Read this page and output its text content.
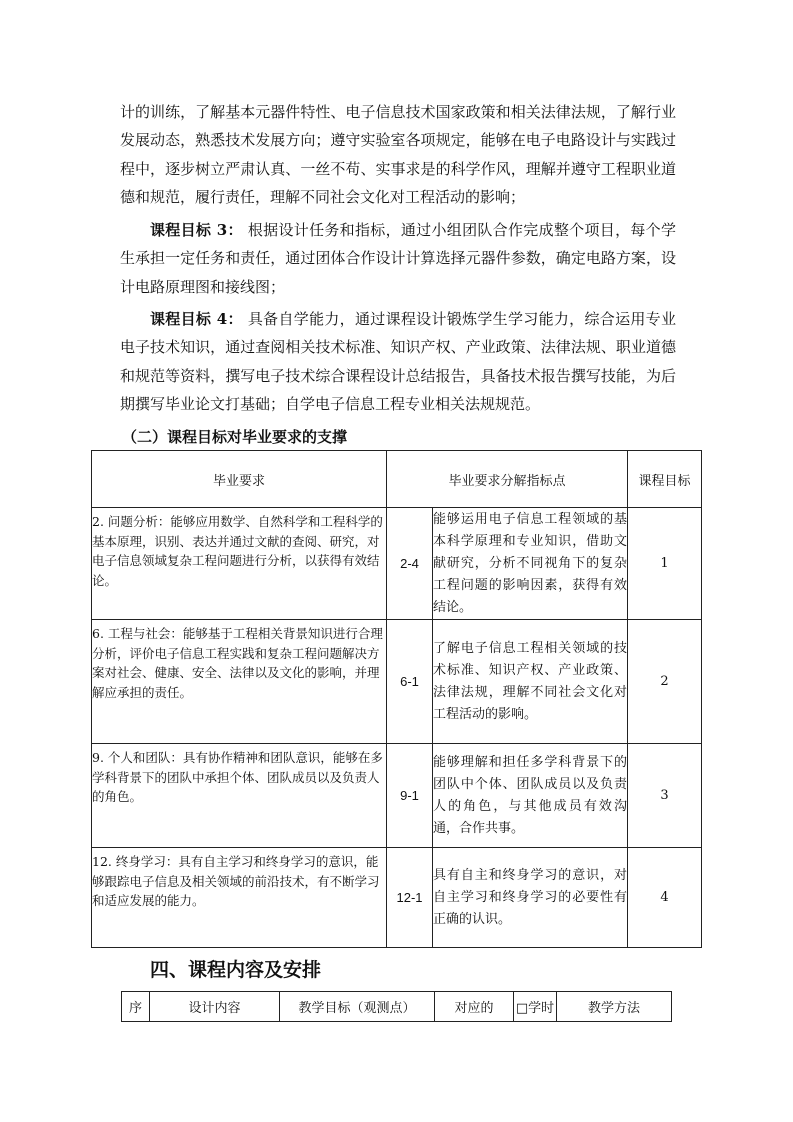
计的训练，了解基本元器件特性、电子信息技术国家政策和相关法律法规，了解行业发展动态，熟悉技术发展方向；遵守实验室各项规定，能够在电子电路设计与实践过程中，逐步树立严肃认真、一丝不苟、实事求是的科学作风，理解并遵守工程职业道德和规范，履行责任，理解不同社会文化对工程活动的影响；
课程目标 3： 根据设计任务和指标，通过小组团队合作完成整个项目，每个学生承担一定任务和责任，通过团体合作设计计算选择元器件参数，确定电路方案，设计电路原理图和接线图；
课程目标 4： 具备自学能力，通过课程设计锻炼学生学习能力，综合运用专业电子技术知识，通过查阅相关技术标准、知识产权、产业政策、法律法规、职业道德和规范等资料，撰写电子技术综合课程设计总结报告，具备技术报告撰写技能，为后期撰写毕业论文打基础；自学电子信息工程专业相关法规规范。
（二）课程目标对毕业要求的支撑
毕业要求	毕业要求分解指标点		课程目标
2. 问题分析：能够应用数学、自然科学和工程科学的基本原理，识别、表达并通过文献的查阅、研究，对电子信息领域复杂工程问题进行分析，以获得有效结论。	2-4	能够运用电子信息工程领域的基本科学原理和专业知识，借助文献研究，分析不同视角下的复杂工程问题的影响因素，获得有效结论。	1
6. 工程与社会：能够基于工程相关背景知识进行合理分析，评价电子信息工程实践和复杂工程问题解决方案对社会、健康、安全、法律以及文化的影响，并理解应承担的责任。	6-1	了解电子信息工程相关领域的技术标准、知识产权、产业政策、法律法规，理解不同社会文化对工程活动的影响。	2
9. 个人和团队：具有协作精神和团队意识，能够在多学科背景下的团队中承担个体、团队成员以及负责人的角色。	9-1	能够理解和担任多学科背景下的团队中个体、团队成员以及负责人的角色，与其他成员有效沟通，合作共事。	3
12. 终身学习：具有自主学习和终身学习的意识，能够跟踪电子信息及相关领域的前沿技术，有不断学习和适应发展的能力。	12-1	具有自主和终身学习的意识，对自主学习和终身学习的必要性有正确的认识。	4
四、课程内容及安排
序	设计内容	教学目标（观测点）	对应的	□学时	教学方法
